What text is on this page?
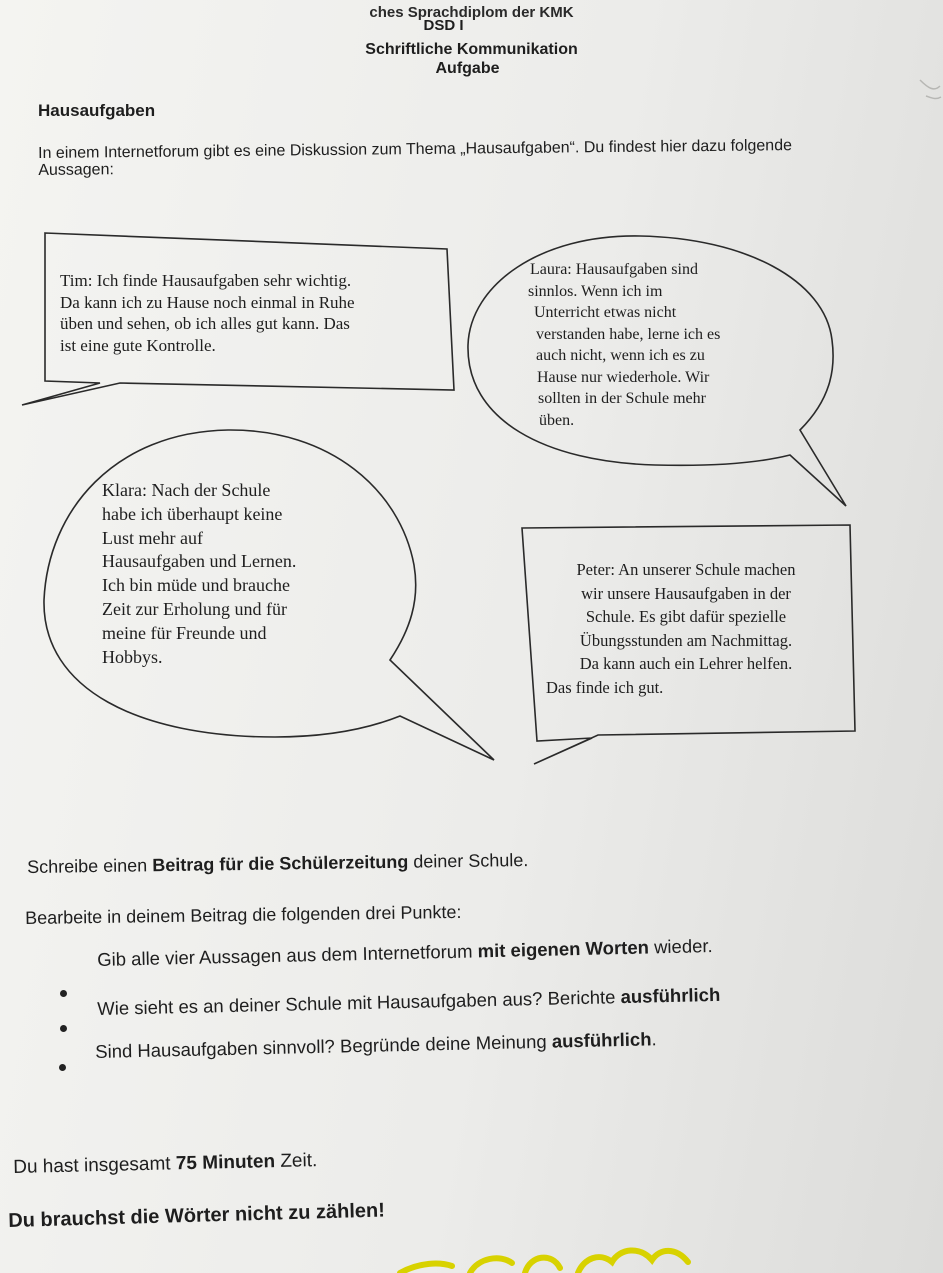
ches Sprachdiplom der KMK
DSD I
Schriftliche Kommunikation
Aufgabe
Hausaufgaben
In einem Internetforum gibt es eine Diskussion zum Thema „Hausaufgaben“. Du findest hier dazu folgende Aussagen:
Tim: Ich finde Hausaufgaben sehr wichtig.
Da kann ich zu Hause noch einmal in Ruhe
üben und sehen, ob ich alles gut kann. Das
ist eine gute Kontrolle.
Laura: Hausaufgaben sind
sinnlos. Wenn ich im
Unterricht etwas nicht
verstanden habe, lerne ich es
auch nicht, wenn ich es zu
Hause nur wiederhole. Wir
sollten in der Schule mehr
üben.
Klara: Nach der Schule
habe ich überhaupt keine
Lust mehr auf
Hausaufgaben und Lernen.
Ich bin müde und brauche
Zeit zur Erholung und für
meine für Freunde und
Hobbys.
Peter: An unserer Schule machen
wir unsere Hausaufgaben in der
Schule. Es gibt dafür spezielle
Übungsstunden am Nachmittag.
Da kann auch ein Lehrer helfen.
Das finde ich gut.
Schreibe einen Beitrag für die Schülerzeitung deiner Schule.
Bearbeite in deinem Beitrag die folgenden drei Punkte:
Gib alle vier Aussagen aus dem Internetforum mit eigenen Worten wieder.
Wie sieht es an deiner Schule mit Hausaufgaben aus? Berichte ausführlich
Sind Hausaufgaben sinnvoll? Begründe deine Meinung ausführlich.
Du hast insgesamt 75 Minuten Zeit.
Du brauchst die Wörter nicht zu zählen!
